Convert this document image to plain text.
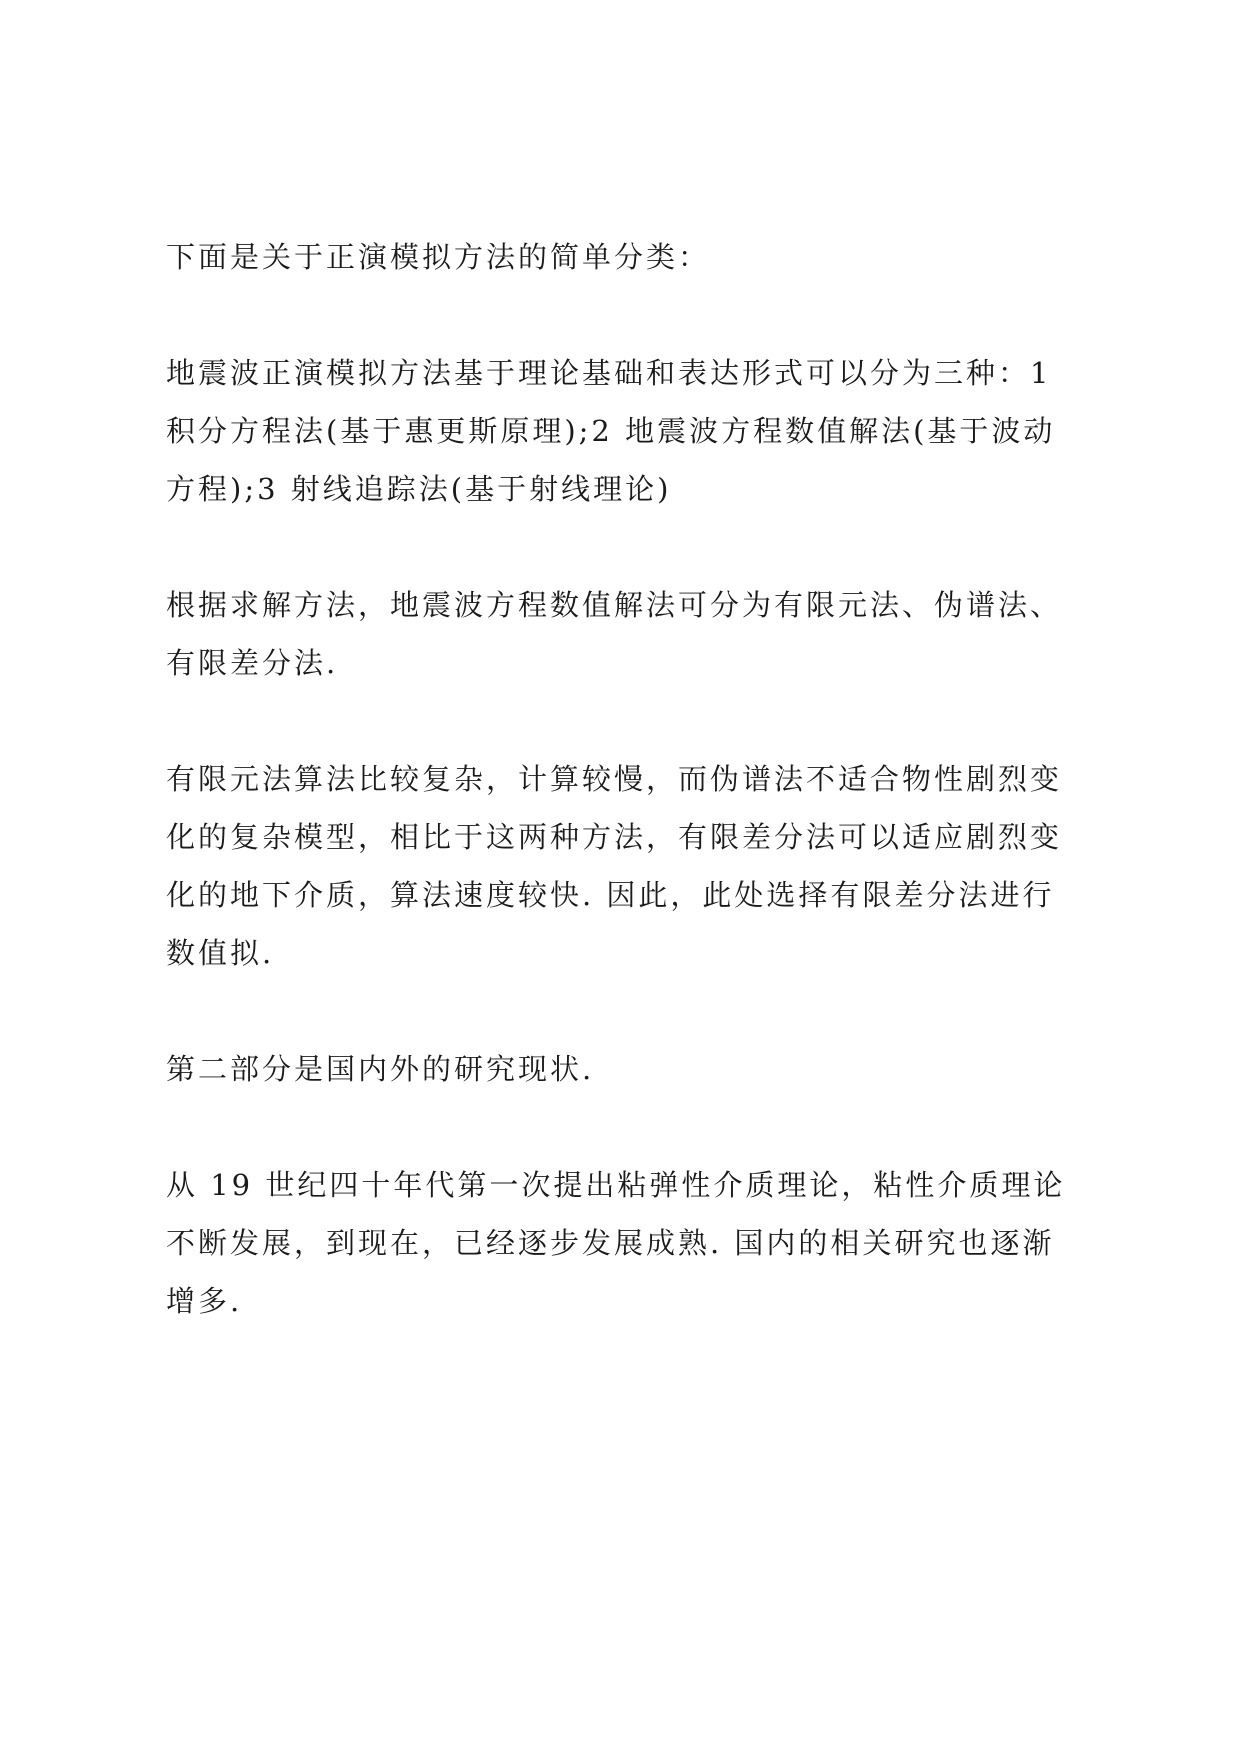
下面是关于正演模拟方法的简单分类：

地震波正演模拟方法基于理论基础和表达形式可以分为三种：1
积分方程法(基于惠更斯原理);2 地震波方程数值解法(基于波动
方程);3 射线追踪法(基于射线理论)

根据求解方法，地震波方程数值解法可分为有限元法、伪谱法、
有限差分法.

有限元法算法比较复杂，计算较慢，而伪谱法不适合物性剧烈变
化的复杂模型，相比于这两种方法，有限差分法可以适应剧烈变
化的地下介质，算法速度较快. 因此，此处选择有限差分法进行
数值拟.

第二部分是国内外的研究现状.

从 19 世纪四十年代第一次提出粘弹性介质理论，粘性介质理论
不断发展，到现在，已经逐步发展成熟. 国内的相关研究也逐渐
增多.
